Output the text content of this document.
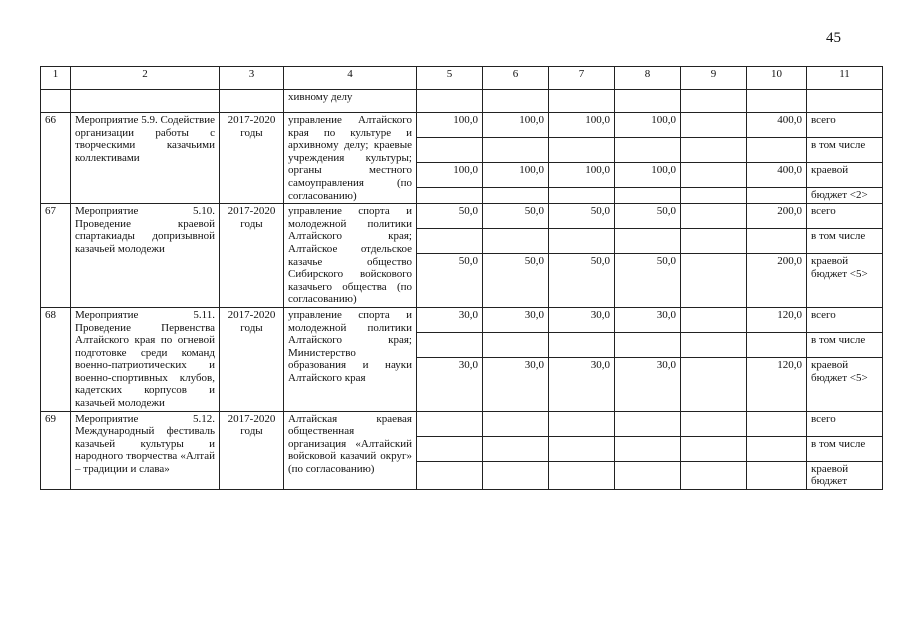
45
1	2	3	4	5	6	7	8	9	10	11
			хивному делу							
66	Мероприятие 5.9. Содействие организации работы с творческими казачьими коллективами	2017-2020 годы	управление Алтайского края по культуре и архивному делу; краевые учреждения культуры; органы местного самоуправления (по согласованию)	100,0	100,0	100,0	100,0		400,0	всего
										в том числе
				100,0	100,0	100,0	100,0		400,0	краевой
										бюджет <2>
67	Мероприятие 5.10. Проведение краевой спартакиады допризывной казачьей молодежи	2017-2020 годы	управление спорта и молодежной политики Алтайского края; Алтайское отдельское казачье общество Сибирского войскового казачьего общества (по согласованию)	50,0	50,0	50,0	50,0		200,0	всего
										в том числе
				50,0	50,0	50,0	50,0		200,0	краевой бюджет <5>
68	Мероприятие 5.11. Проведение Первенства Алтайского края по огневой подготовке среди команд военно-патриотических и военно-спортивных клубов, кадетских корпусов и казачьей молодежи	2017-2020 годы	управление спорта и молодежной политики Алтайского края; Министерство образования и науки Алтайского края	30,0	30,0	30,0	30,0		120,0	всего
										в том числе
				30,0	30,0	30,0	30,0		120,0	краевой бюджет <5>
69	Мероприятие 5.12. Международный фестиваль казачьей культуры и народного творчества «Алтай – традиции и слава»	2017-2020 годы	Алтайская краевая общественная организация «Алтайский войсковой казачий округ» (по согласованию)							всего
										в том числе
										краевой бюджет
